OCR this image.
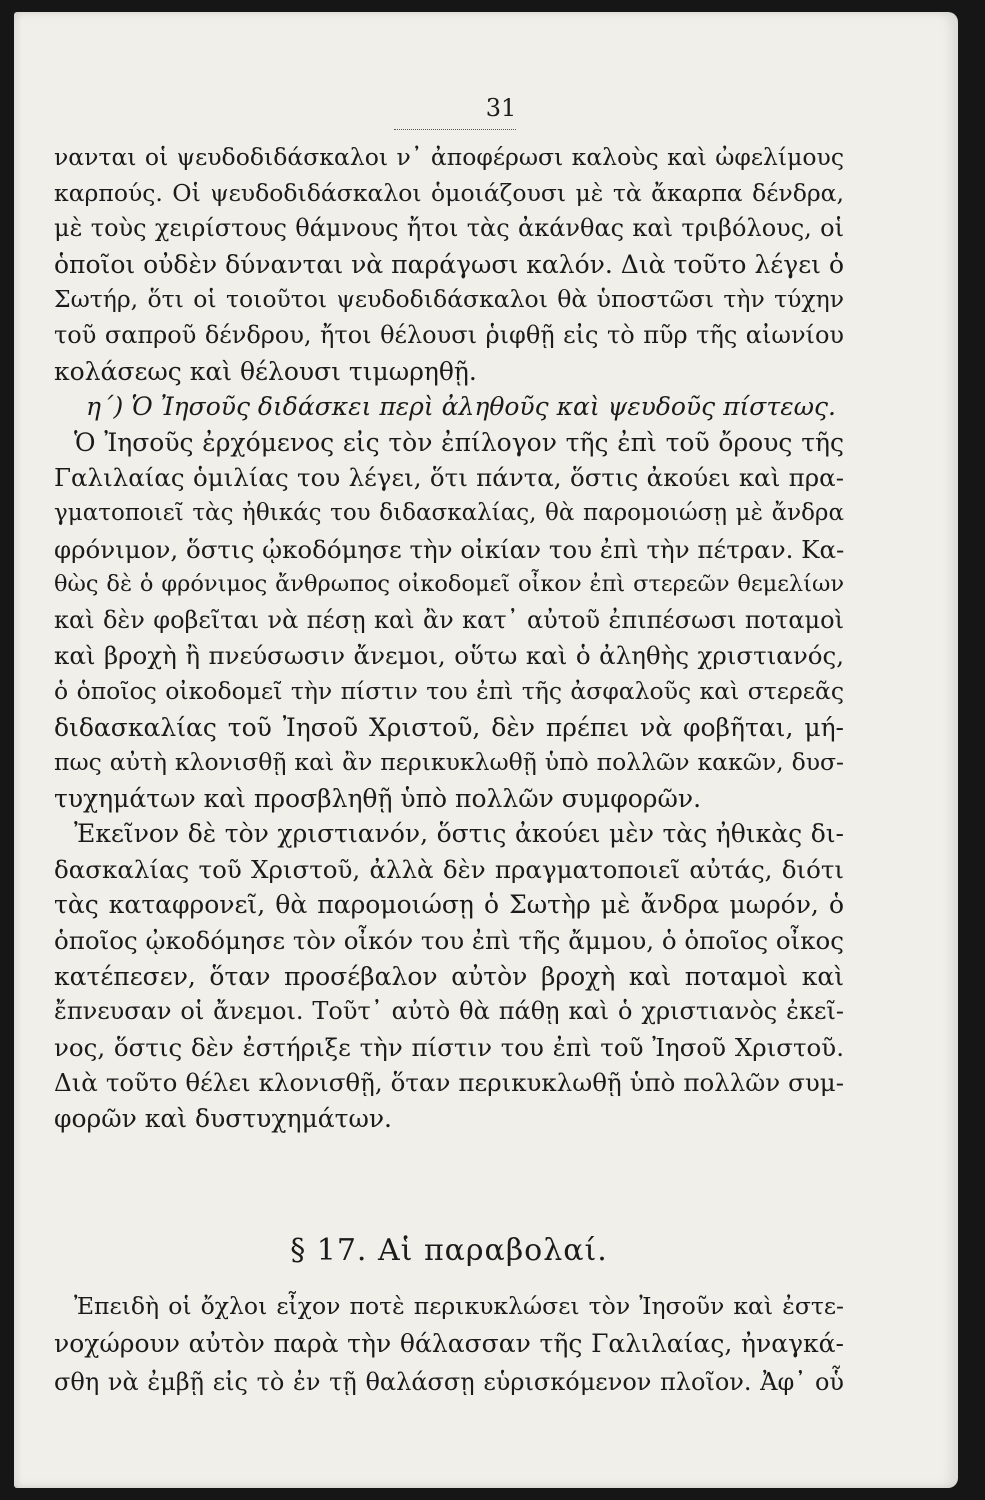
31
νανται οἱ ψευδοδιδάσκαλοι ν᾽ ἀποφέρωσι καλοὺς καὶ ὠφελίμους
καρπούς. Οἱ ψευδοδιδάσκαλοι ὁμοιάζουσι μὲ τὰ ἄκαρπα δένδρα,
μὲ τοὺς χειρίστους θάμνους ἤτοι τὰς ἀκάνθας καὶ τριβόλους, οἱ
ὁποῖοι οὐδὲν δύνανται νὰ παράγωσι καλόν. Διὰ τοῦτο λέγει ὁ
Σωτήρ, ὅτι οἱ τοιοῦτοι ψευδοδιδάσκαλοι θὰ ὑποστῶσι τὴν τύχην
τοῦ σαπροῦ δένδρου, ἤτοι θέλουσι ῥιφθῇ εἰς τὸ πῦρ τῆς αἰωνίου
κολάσεως καὶ θέλουσι τιμωρηθῇ.
η΄) Ὁ Ἰησοῦς διδάσκει περὶ ἀληθοῦς καὶ ψευδοῦς πίστεως.
Ὁ Ἰησοῦς ἐρχόμενος εἰς τὸν ἐπίλογον τῆς ἐπὶ τοῦ ὄρους τῆς
Γαλιλαίας ὁμιλίας του λέγει, ὅτι πάντα, ὅστις ἀκούει καὶ πρα-
γματοποιεῖ τὰς ἠθικάς του διδασκαλίας, θὰ παρομοιώσῃ μὲ ἄνδρα
φρόνιμον, ὅστις ᾠκοδόμησε τὴν οἰκίαν του ἐπὶ τὴν πέτραν. Κα-
θὼς δὲ ὁ φρόνιμος ἄνθρωπος οἰκοδομεῖ οἶκον ἐπὶ στερεῶν θεμελίων
καὶ δὲν φοβεῖται νὰ πέσῃ καὶ ἂν κατ᾽ αὐτοῦ ἐπιπέσωσι ποταμοὶ
καὶ βροχὴ ἢ πνεύσωσιν ἄνεμοι, οὕτω καὶ ὁ ἀληθὴς χριστιανός,
ὁ ὁποῖος οἰκοδομεῖ τὴν πίστιν του ἐπὶ τῆς ἀσφαλοῦς καὶ στερεᾶς
διδασκαλίας τοῦ Ἰησοῦ Χριστοῦ, δὲν πρέπει νὰ φοβῆται, μή-
πως αὐτὴ κλονισθῇ καὶ ἂν περικυκλωθῇ ὑπὸ πολλῶν κακῶν, δυσ-
τυχημάτων καὶ προσβληθῇ ὑπὸ πολλῶν συμφορῶν.
Ἐκεῖνον δὲ τὸν χριστιανόν, ὅστις ἀκούει μὲν τὰς ἠθικὰς δι-
δασκαλίας τοῦ Χριστοῦ, ἀλλὰ δὲν πραγματοποιεῖ αὐτάς, διότι
τὰς καταφρονεῖ, θὰ παρομοιώσῃ ὁ Σωτὴρ μὲ ἄνδρα μωρόν, ὁ
ὁποῖος ᾠκοδόμησε τὸν οἶκόν του ἐπὶ τῆς ἄμμου, ὁ ὁποῖος οἶκος
κατέπεσεν, ὅταν προσέβαλον αὐτὸν βροχὴ καὶ ποταμοὶ καὶ
ἔπνευσαν οἱ ἄνεμοι. Τοῦτ᾽ αὐτὸ θὰ πάθῃ καὶ ὁ χριστιανὸς ἐκεῖ-
νος, ὅστις δὲν ἐστήριξε τὴν πίστιν του ἐπὶ τοῦ Ἰησοῦ Χριστοῦ.
Διὰ τοῦτο θέλει κλονισθῇ, ὅταν περικυκλωθῇ ὑπὸ πολλῶν συμ-
φορῶν καὶ δυστυχημάτων.
§ 17. Αἱ παραβολαί.
Ἐπειδὴ οἱ ὄχλοι εἶχον ποτὲ περικυκλώσει τὸν Ἰησοῦν καὶ ἐστε-
νοχώρουν αὐτὸν παρὰ τὴν θάλασσαν τῆς Γαλιλαίας, ἠναγκά-
σθη νὰ ἐμβῇ εἰς τὸ ἐν τῇ θαλάσσῃ εὑρισκόμενον πλοῖον. Ἀφ᾽ οὗ
